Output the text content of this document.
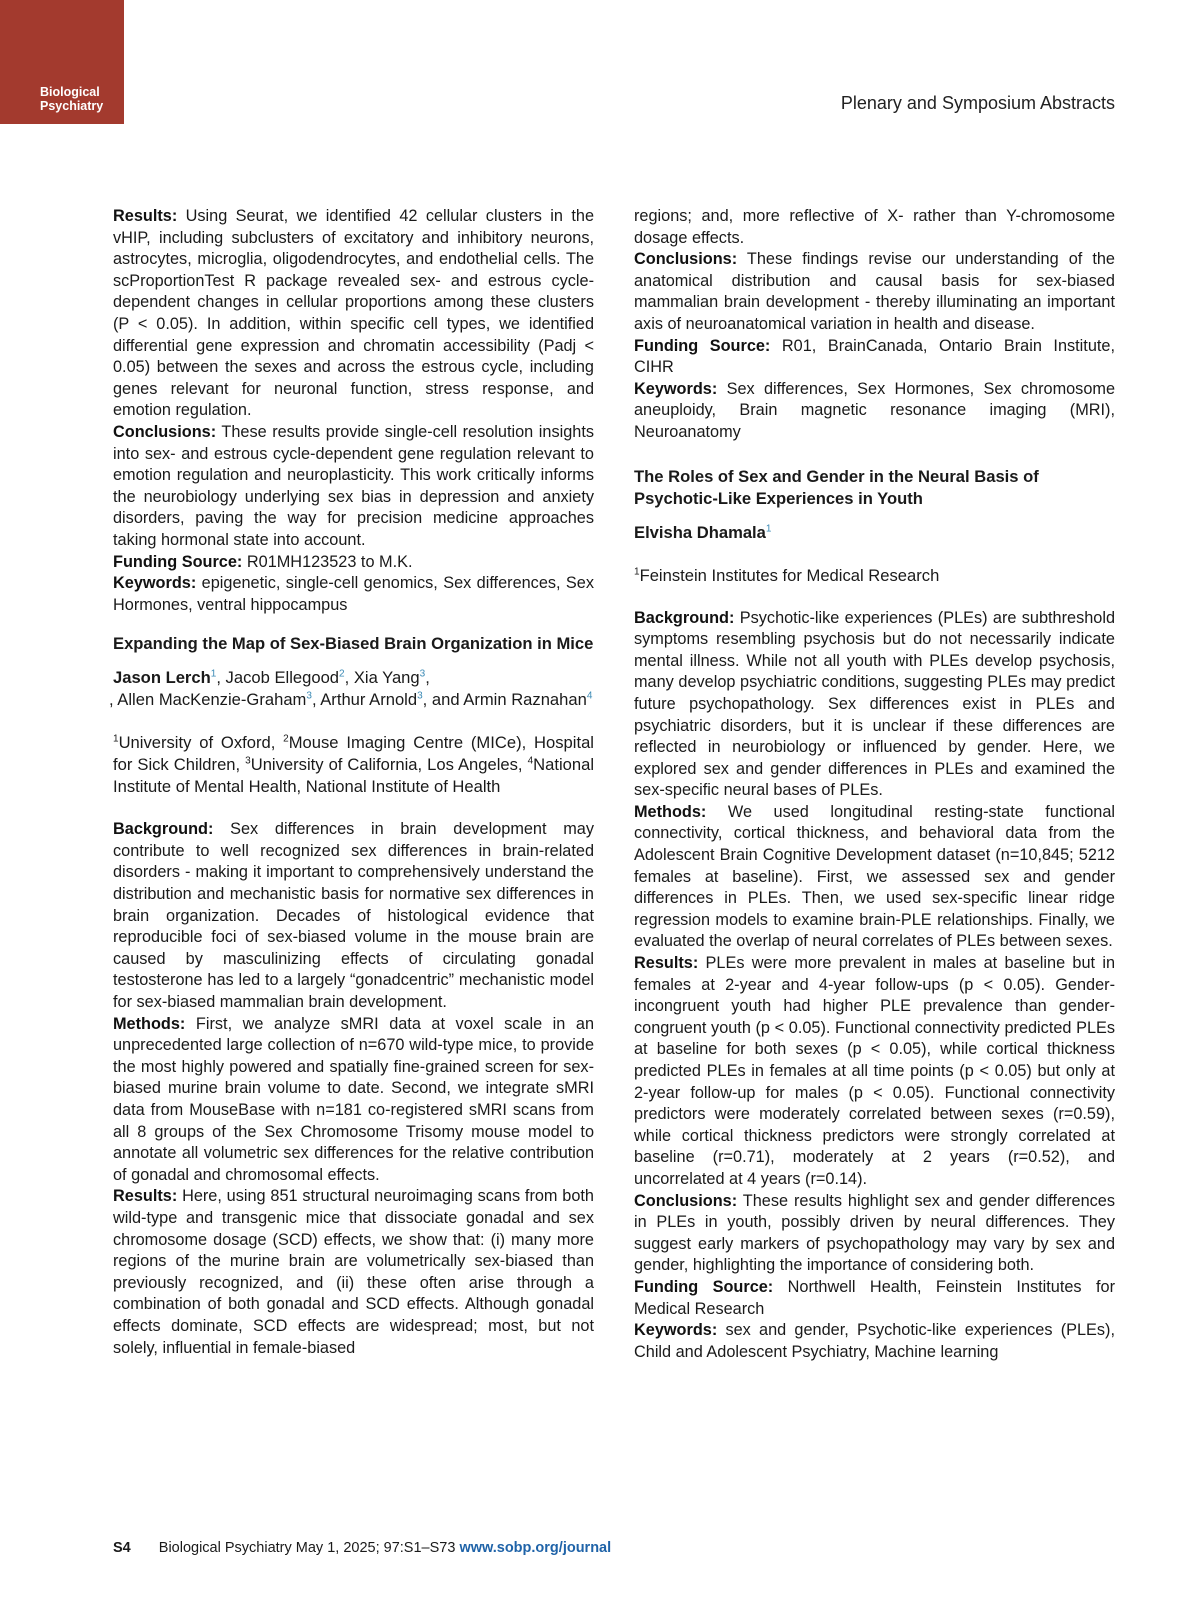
Biological
Psychiatry	Plenary and Symposium Abstracts

Results: Using Seurat, we identified 42 cellular clusters in the vHIP, including subclusters of excitatory and inhibitory neurons, astrocytes, microglia, oligodendrocytes, and endothelial cells. The scProportionTest R package revealed sex- and estrous cycle-dependent changes in cellular proportions among these clusters (P < 0.05). In addition, within specific cell types, we identified differential gene expression and chromatin accessibility (Padj < 0.05) between the sexes and across the estrous cycle, including genes relevant for neuronal function, stress response, and emotion regulation.

Conclusions: These results provide single-cell resolution insights into sex- and estrous cycle-dependent gene regulation relevant to emotion regulation and neuroplasticity. This work critically informs the neurobiology underlying sex bias in depression and anxiety disorders, paving the way for precision medicine approaches taking hormonal state into account.

Funding Source: R01MH123523 to M.K.

Keywords: epigenetic, single-cell genomics, Sex differences, Sex Hormones, ventral hippocampus

Expanding the Map of Sex-Biased Brain Organization in Mice
Jason Lerch$^1$, Jacob Ellegood$^2$, Xia Yang$^3$,
, Allen MacKenzie-Graham$^3$, Arthur Arnold$^3$, and Armin Raznahan$^4$
$^1$University of Oxford, $^2$Mouse Imaging Centre (MICe), Hospital for Sick Children, $^3$University of California, Los Angeles, $^4$National Institute of Mental Health, National Institute of Health

Background: Sex differences in brain development may contribute to well recognized sex differences in brain-related disorders - making it important to comprehensively understand the distribution and mechanistic basis for normative sex differences in brain organization. Decades of histological evidence that reproducible foci of sex-biased volume in the mouse brain are caused by masculinizing effects of circulating gonadal testosterone has led to a largely “gonadcentric” mechanistic model for sex-biased mammalian brain development.

Methods: First, we analyze sMRI data at voxel scale in an unprecedented large collection of n=670 wild-type mice, to provide the most highly powered and spatially fine-grained screen for sex-biased murine brain volume to date. Second, we integrate sMRI data from MouseBase with n=181 co-registered sMRI scans from all 8 groups of the Sex Chromosome Trisomy mouse model to annotate all volumetric sex differences for the relative contribution of gonadal and chromosomal effects.

Results: Here, using 851 structural neuroimaging scans from both wild-type and transgenic mice that dissociate gonadal and sex chromosome dosage (SCD) effects, we show that: (i) many more regions of the murine brain are volumetrically sex-biased than previously recognized, and (ii) these often arise through a combination of both gonadal and SCD effects. Although gonadal effects dominate, SCD effects are widespread; most, but not solely, influential in female-biased

regions; and, more reflective of X- rather than Y-chromosome dosage effects.

Conclusions: These findings revise our understanding of the anatomical distribution and causal basis for sex-biased mammalian brain development - thereby illuminating an important axis of neuroanatomical variation in health and disease.

Funding Source: R01, BrainCanada, Ontario Brain Institute, CIHR

Keywords: Sex differences, Sex Hormones, Sex chromosome aneuploidy, Brain magnetic resonance imaging (MRI), Neuroanatomy

The Roles of Sex and Gender in the Neural Basis of Psychotic-Like Experiences in Youth
Elvisha Dhamala$^1$
$^1$Feinstein Institutes for Medical Research

Background: Psychotic-like experiences (PLEs) are subthreshold symptoms resembling psychosis but do not necessarily indicate mental illness. While not all youth with PLEs develop psychosis, many develop psychiatric conditions, suggesting PLEs may predict future psychopathology. Sex differences exist in PLEs and psychiatric disorders, but it is unclear if these differences are reflected in neurobiology or influenced by gender. Here, we explored sex and gender differences in PLEs and examined the sex-specific neural bases of PLEs.

Methods: We used longitudinal resting-state functional connectivity, cortical thickness, and behavioral data from the Adolescent Brain Cognitive Development dataset (n=10,845; 5212 females at baseline). First, we assessed sex and gender differences in PLEs. Then, we used sex-specific linear ridge regression models to examine brain-PLE relationships. Finally, we evaluated the overlap of neural correlates of PLEs between sexes.

Results: PLEs were more prevalent in males at baseline but in females at 2-year and 4-year follow-ups (p < 0.05). Gender-incongruent youth had higher PLE prevalence than gender-congruent youth (p < 0.05). Functional connectivity predicted PLEs at baseline for both sexes (p < 0.05), while cortical thickness predicted PLEs in females at all time points (p < 0.05) but only at 2-year follow-up for males (p < 0.05). Functional connectivity predictors were moderately correlated between sexes (r=0.59), while cortical thickness predictors were strongly correlated at baseline (r=0.71), moderately at 2 years (r=0.52), and uncorrelated at 4 years (r=0.14).

Conclusions: These results highlight sex and gender differences in PLEs in youth, possibly driven by neural differences. They suggest early markers of psychopathology may vary by sex and gender, highlighting the importance of considering both.

Funding Source: Northwell Health, Feinstein Institutes for Medical Research

Keywords: sex and gender, Psychotic-like experiences (PLEs), Child and Adolescent Psychiatry, Machine learning

S4 Biological Psychiatry May 1, 2025; 97:S1–S73 www.sobp.org/journal
